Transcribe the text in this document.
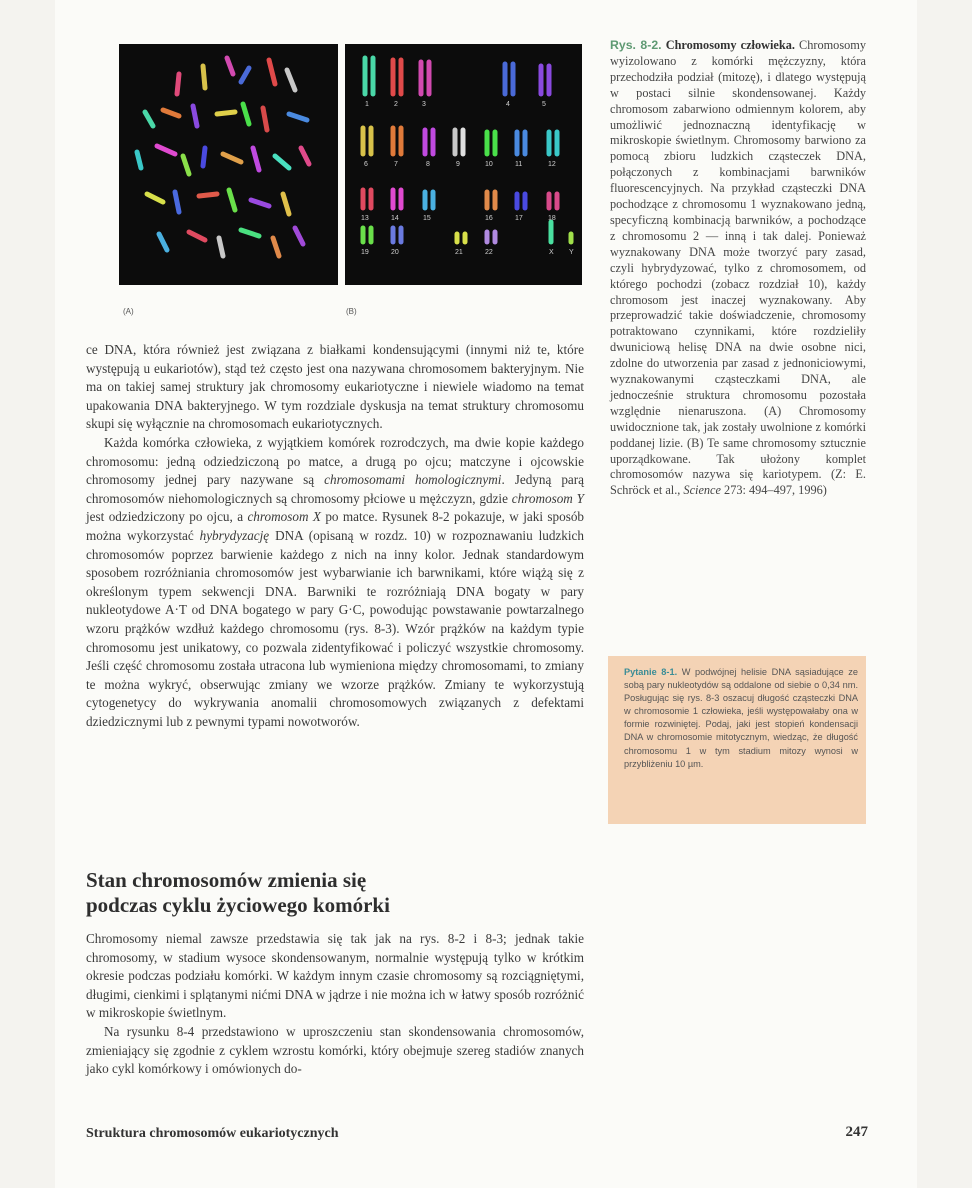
(A)
1	2	3	4	5
6	7	8	9	10	11	12
13	14	15	16	17	18
19	20	21	22	X Y
(B)
Rys. 8-2. Chromosomy człowieka. Chromosomy wyizolowano z komórki mężczyzny, która przechodziła podział (mitozę), i dlatego występują w postaci silnie skondensowanej. Każdy chromosom zabarwiono odmiennym kolorem, aby umożliwić jednoznaczną identyfikację w mikroskopie świetlnym. Chromosomy barwiono za pomocą zbioru ludzkich cząsteczek DNA, połączonych z kombinacjami barwników fluorescencyjnych. Na przykład cząsteczki DNA pochodzące z chromosomu 1 wyznakowano jedną, specyficzną kombinacją barwników, a pochodzące z chromosomu 2 — inną i tak dalej. Ponieważ wyznakowany DNA może tworzyć pary zasad, czyli hybrydyzować, tylko z chromosomem, od którego pochodzi (zobacz rozdział 10), każdy chromosom jest inaczej wyznakowany. Aby przeprowadzić takie doświadczenie, chromosomy potraktowano czynnikami, które rozdzieliły dwuniciową helisę DNA na dwie osobne nici, zdolne do utworzenia par zasad z jednoniciowymi, wyznakowanymi cząsteczkami DNA, ale jednocześnie struktura chromosomu pozostała względnie nienaruszona. (A) Chromosomy uwidocznione tak, jak zostały uwolnione z komórki poddanej lizie. (B) Te same chromosomy sztucznie uporządkowane. Tak ułożony komplet chromosomów nazywa się kariotypem. (Z: E. Schröck et al., Science 273: 494–497, 1996)

ce DNA, która również jest związana z białkami kondensującymi (innymi niż te, które występują u eukariotów), stąd też często jest ona nazywana chromosomem bakteryjnym. Nie ma on takiej samej struktury jak chromosomy eukariotyczne i niewiele wiadomo na temat upakowania DNA bakteryjnego. W tym rozdziale dyskusja na temat struktury chromosomu skupi się wyłącznie na chromosomach eukariotycznych.

Każda komórka człowieka, z wyjątkiem komórek rozrodczych, ma dwie kopie każdego chromosomu: jedną odziedziczoną po matce, a drugą po ojcu; matczyne i ojcowskie chromosomy jednej pary nazywane są chromosomami homologicznymi. Jedyną parą chromosomów niehomologicznych są chromosomy płciowe u mężczyzn, gdzie chromosom Y jest odziedziczony po ojcu, a chromosom X po matce. Rysunek 8-2 pokazuje, w jaki sposób można wykorzystać hybrydyzację DNA (opisaną w rozdz. 10) w rozpoznawaniu ludzkich chromosomów poprzez barwienie każdego z nich na inny kolor. Jednak standardowym sposobem rozróżniania chromosomów jest wybarwianie ich barwnikami, które wiążą się z określonym typem sekwencji DNA. Barwniki te rozróżniają DNA bogaty w pary nukleotydowe A·T od DNA bogatego w pary G·C, powodując powstawanie powtarzalnego wzoru prążków wzdłuż każdego chromosomu (rys. 8-3). Wzór prążków na każdym typie chromosomu jest unikatowy, co pozwala zidentyfikować i policzyć wszystkie chromosomy. Jeśli część chromosomu została utracona lub wymieniona między chromosomami, to zmiany te można wykryć, obserwując zmiany we wzorze prążków. Zmiany te wykorzystują cytogenetycy do wykrywania anomalii chromosomowych związanych z defektami dziedzicznymi lub z pewnymi typami nowotworów.

Pytanie 8-1. W podwójnej helisie DNA sąsiadujące ze sobą pary nukleotydów są oddalone od siebie o 0,34 nm. Posługując się rys. 8-3 oszacuj długość cząsteczki DNA w chromosomie 1 człowieka, jeśli występowałaby ona w formie rozwiniętej. Podaj, jaki jest stopień kondensacji DNA w chromosomie mitotycznym, wiedząc, że długość chromosomu 1 w tym stadium mitozy wynosi w przybliżeniu 10 µm.
Stan chromosomów zmienia się
podczas cyklu życiowego komórki

Chromosomy niemal zawsze przedstawia się tak jak na rys. 8-2 i 8-3; jednak takie chromosomy, w stadium wysoce skondensowanym, normalnie występują tylko w krótkim okresie podczas podziału komórki. W każdym innym czasie chromosomy są rozciągniętymi, długimi, cienkimi i splątanymi nićmi DNA w jądrze i nie można ich w łatwy sposób rozróżnić w mikroskopie świetlnym.

Na rysunku 8-4 przedstawiono w uproszczeniu stan skondensowania chromosomów, zmieniający się zgodnie z cyklem wzrostu komórki, który obejmuje szereg stadiów znanych jako cykl komórkowy i omówionych do-

Struktura chromosomów eukariotycznych	247
